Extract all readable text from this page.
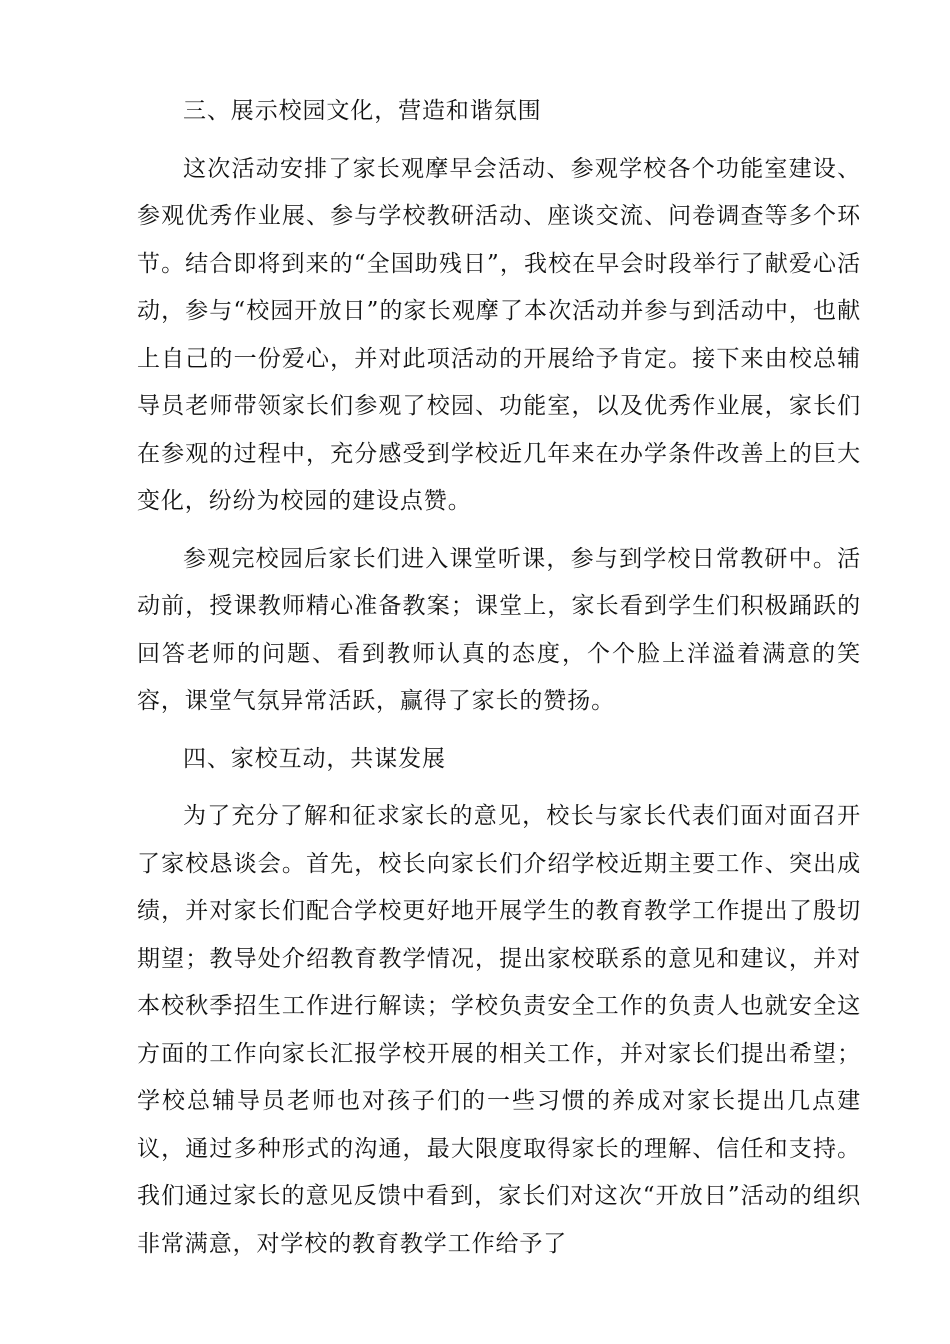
三、展示校园文化，营造和谐氛围

这次活动安排了家长观摩早会活动、参观学校各个功能室建设、参观优秀作业展、参与学校教研活动、座谈交流、问卷调查等多个环节。结合即将到来的“全国助残日”，我校在早会时段举行了献爱心活动，参与“校园开放日”的家长观摩了本次活动并参与到活动中，也献上自己的一份爱心，并对此项活动的开展给予肯定。接下来由校总辅导员老师带领家长们参观了校园、功能室，以及优秀作业展，家长们在参观的过程中，充分感受到学校近几年来在办学条件改善上的巨大变化，纷纷为校园的建设点赞。

参观完校园后家长们进入课堂听课，参与到学校日常教研中。活动前，授课教师精心准备教案；课堂上，家长看到学生们积极踊跃的回答老师的问题、看到教师认真的态度，个个脸上洋溢着满意的笑容，课堂气氛异常活跃，赢得了家长的赞扬。

四、家校互动，共谋发展

为了充分了解和征求家长的意见，校长与家长代表们面对面召开了家校恳谈会。首先，校长向家长们介绍学校近期主要工作、突出成绩，并对家长们配合学校更好地开展学生的教育教学工作提出了殷切期望；教导处介绍教育教学情况，提出家校联系的意见和建议，并对本校秋季招生工作进行解读；学校负责安全工作的负责人也就安全这方面的工作向家长汇报学校开展的相关工作，并对家长们提出希望；学校总辅导员老师也对孩子们的一些习惯的养成对家长提出几点建议，通过多种形式的沟通，最大限度取得家长的理解、信任和支持。我们通过家长的意见反馈中看到，家长们对这次“开放日”活动的组织非常满意，对学校的教育教学工作给予了
